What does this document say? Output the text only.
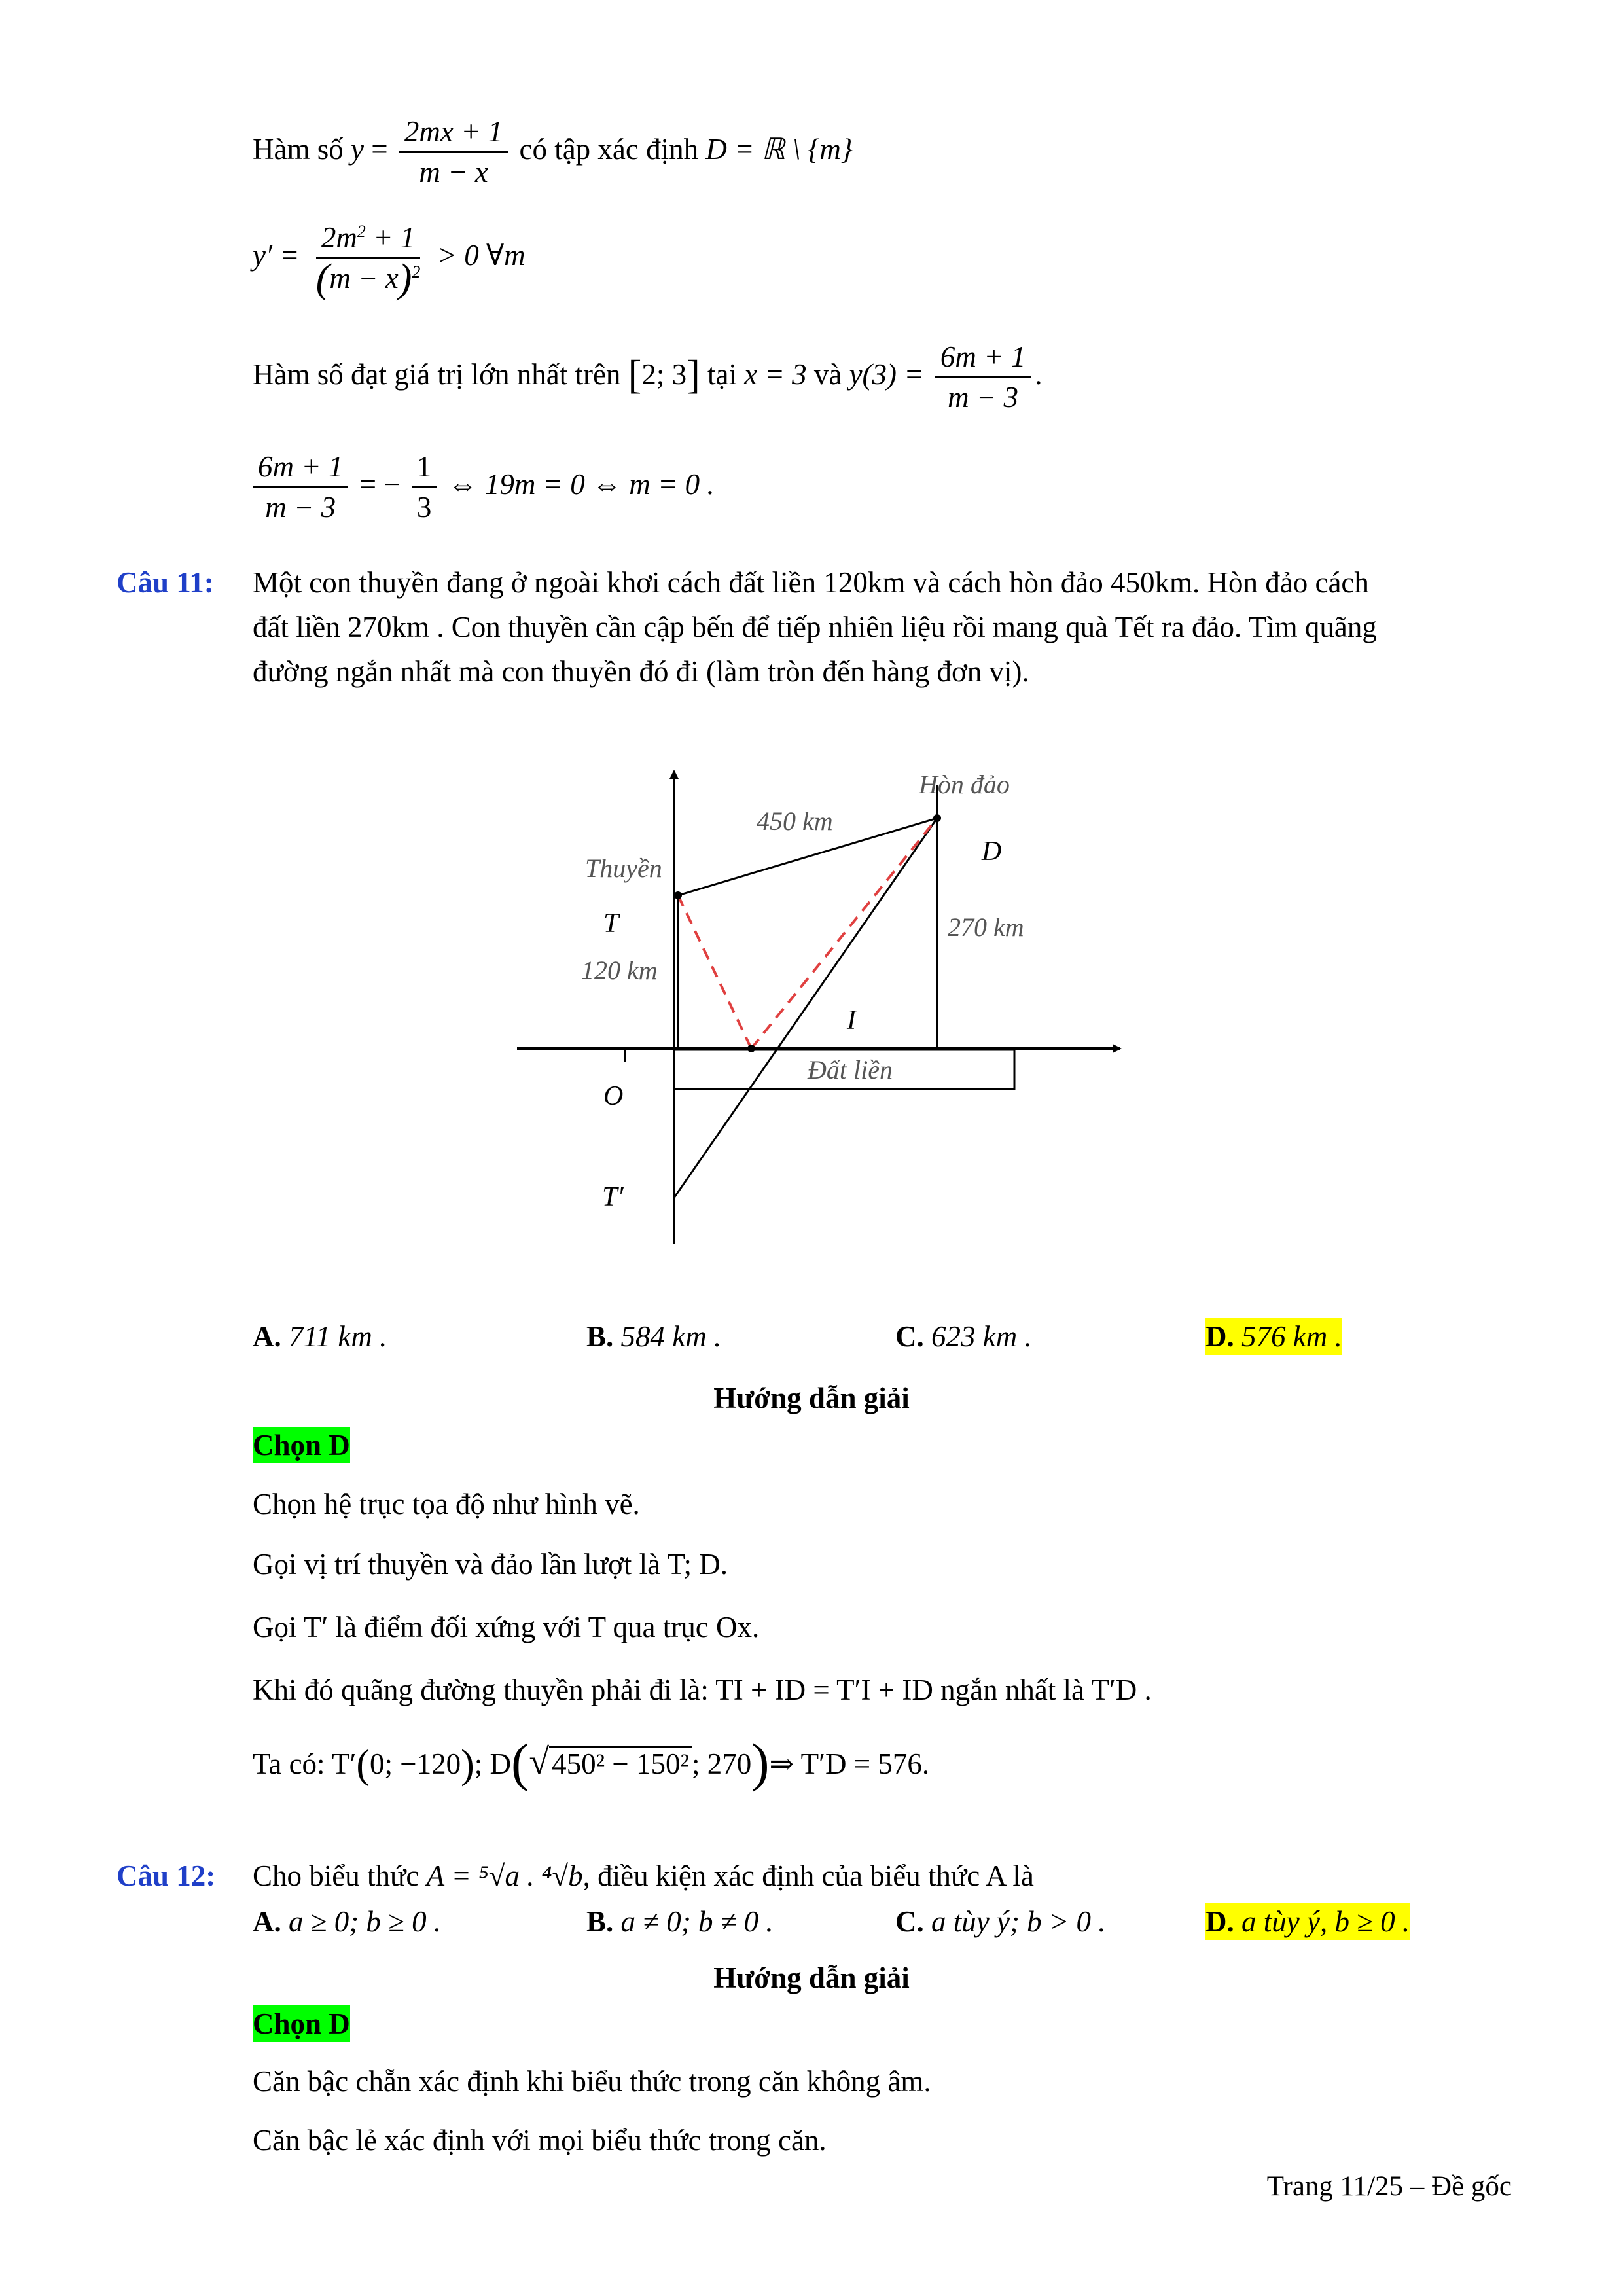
Hàm số $y = \frac{2mx + 1}{m - x}$ có tập xác định D = ℝ \ {m}
$y' = \frac{2m^2 + 1}{(m - x)^2} > 0$ ∀m
Hàm số đạt giá trị lớn nhất trên [2; 3] tại x = 3 và $y(3) = \frac{6m + 1}{m - 3}$ .
$\frac{6m + 1}{m - 3}$ = − $\frac{1}{3}$ ⇔ 19m = 0 ⇔ m = 0 .
Câu 11: Một con thuyền đang ở ngoài khơi cách đất liền 120km và cách hòn đảo 450km. Hòn đảo cách
đất liền 270km . Con thuyền cần cập bến để tiếp nhiên liệu rồi mang quà Tết ra đảo. Tìm quãng
đường ngắn nhất mà con thuyền đó đi (làm tròn đến hàng đơn vị).
Hòn đảo
450 km
Thuyền
D
270 km
T
120 km
I
Đất liền
O
T′
A. 711 km .	B. 584 km .	C. 623 km .	D. 576 km .
Hướng dẫn giải
Chọn D
Chọn hệ trục tọa độ như hình vẽ.
Gọi vị trí thuyền và đảo lần lượt là T; D.
Gọi T′ là điểm đối xứng với T qua trục Ox.
Khi đó quãng đường thuyền phải đi là: TI + ID = T′I + ID ngắn nhất là T′D .
Ta có: T′(0; −120); D(√450² − 150²; 270)⇒ T′D = 576.
Câu 12: Cho biểu thức A = ⁵√a . ⁴√b, điều kiện xác định của biểu thức A là
A. a ≥ 0; b ≥ 0 .	B. a ≠ 0; b ≠ 0 .	C. a tùy ý; b > 0 .	D. a tùy ý, b ≥ 0 .
Hướng dẫn giải
Chọn D
Căn bậc chẵn xác định khi biểu thức trong căn không âm.
Căn bậc lẻ xác định với mọi biểu thức trong căn.
Trang 11/25 – Đề gốc
